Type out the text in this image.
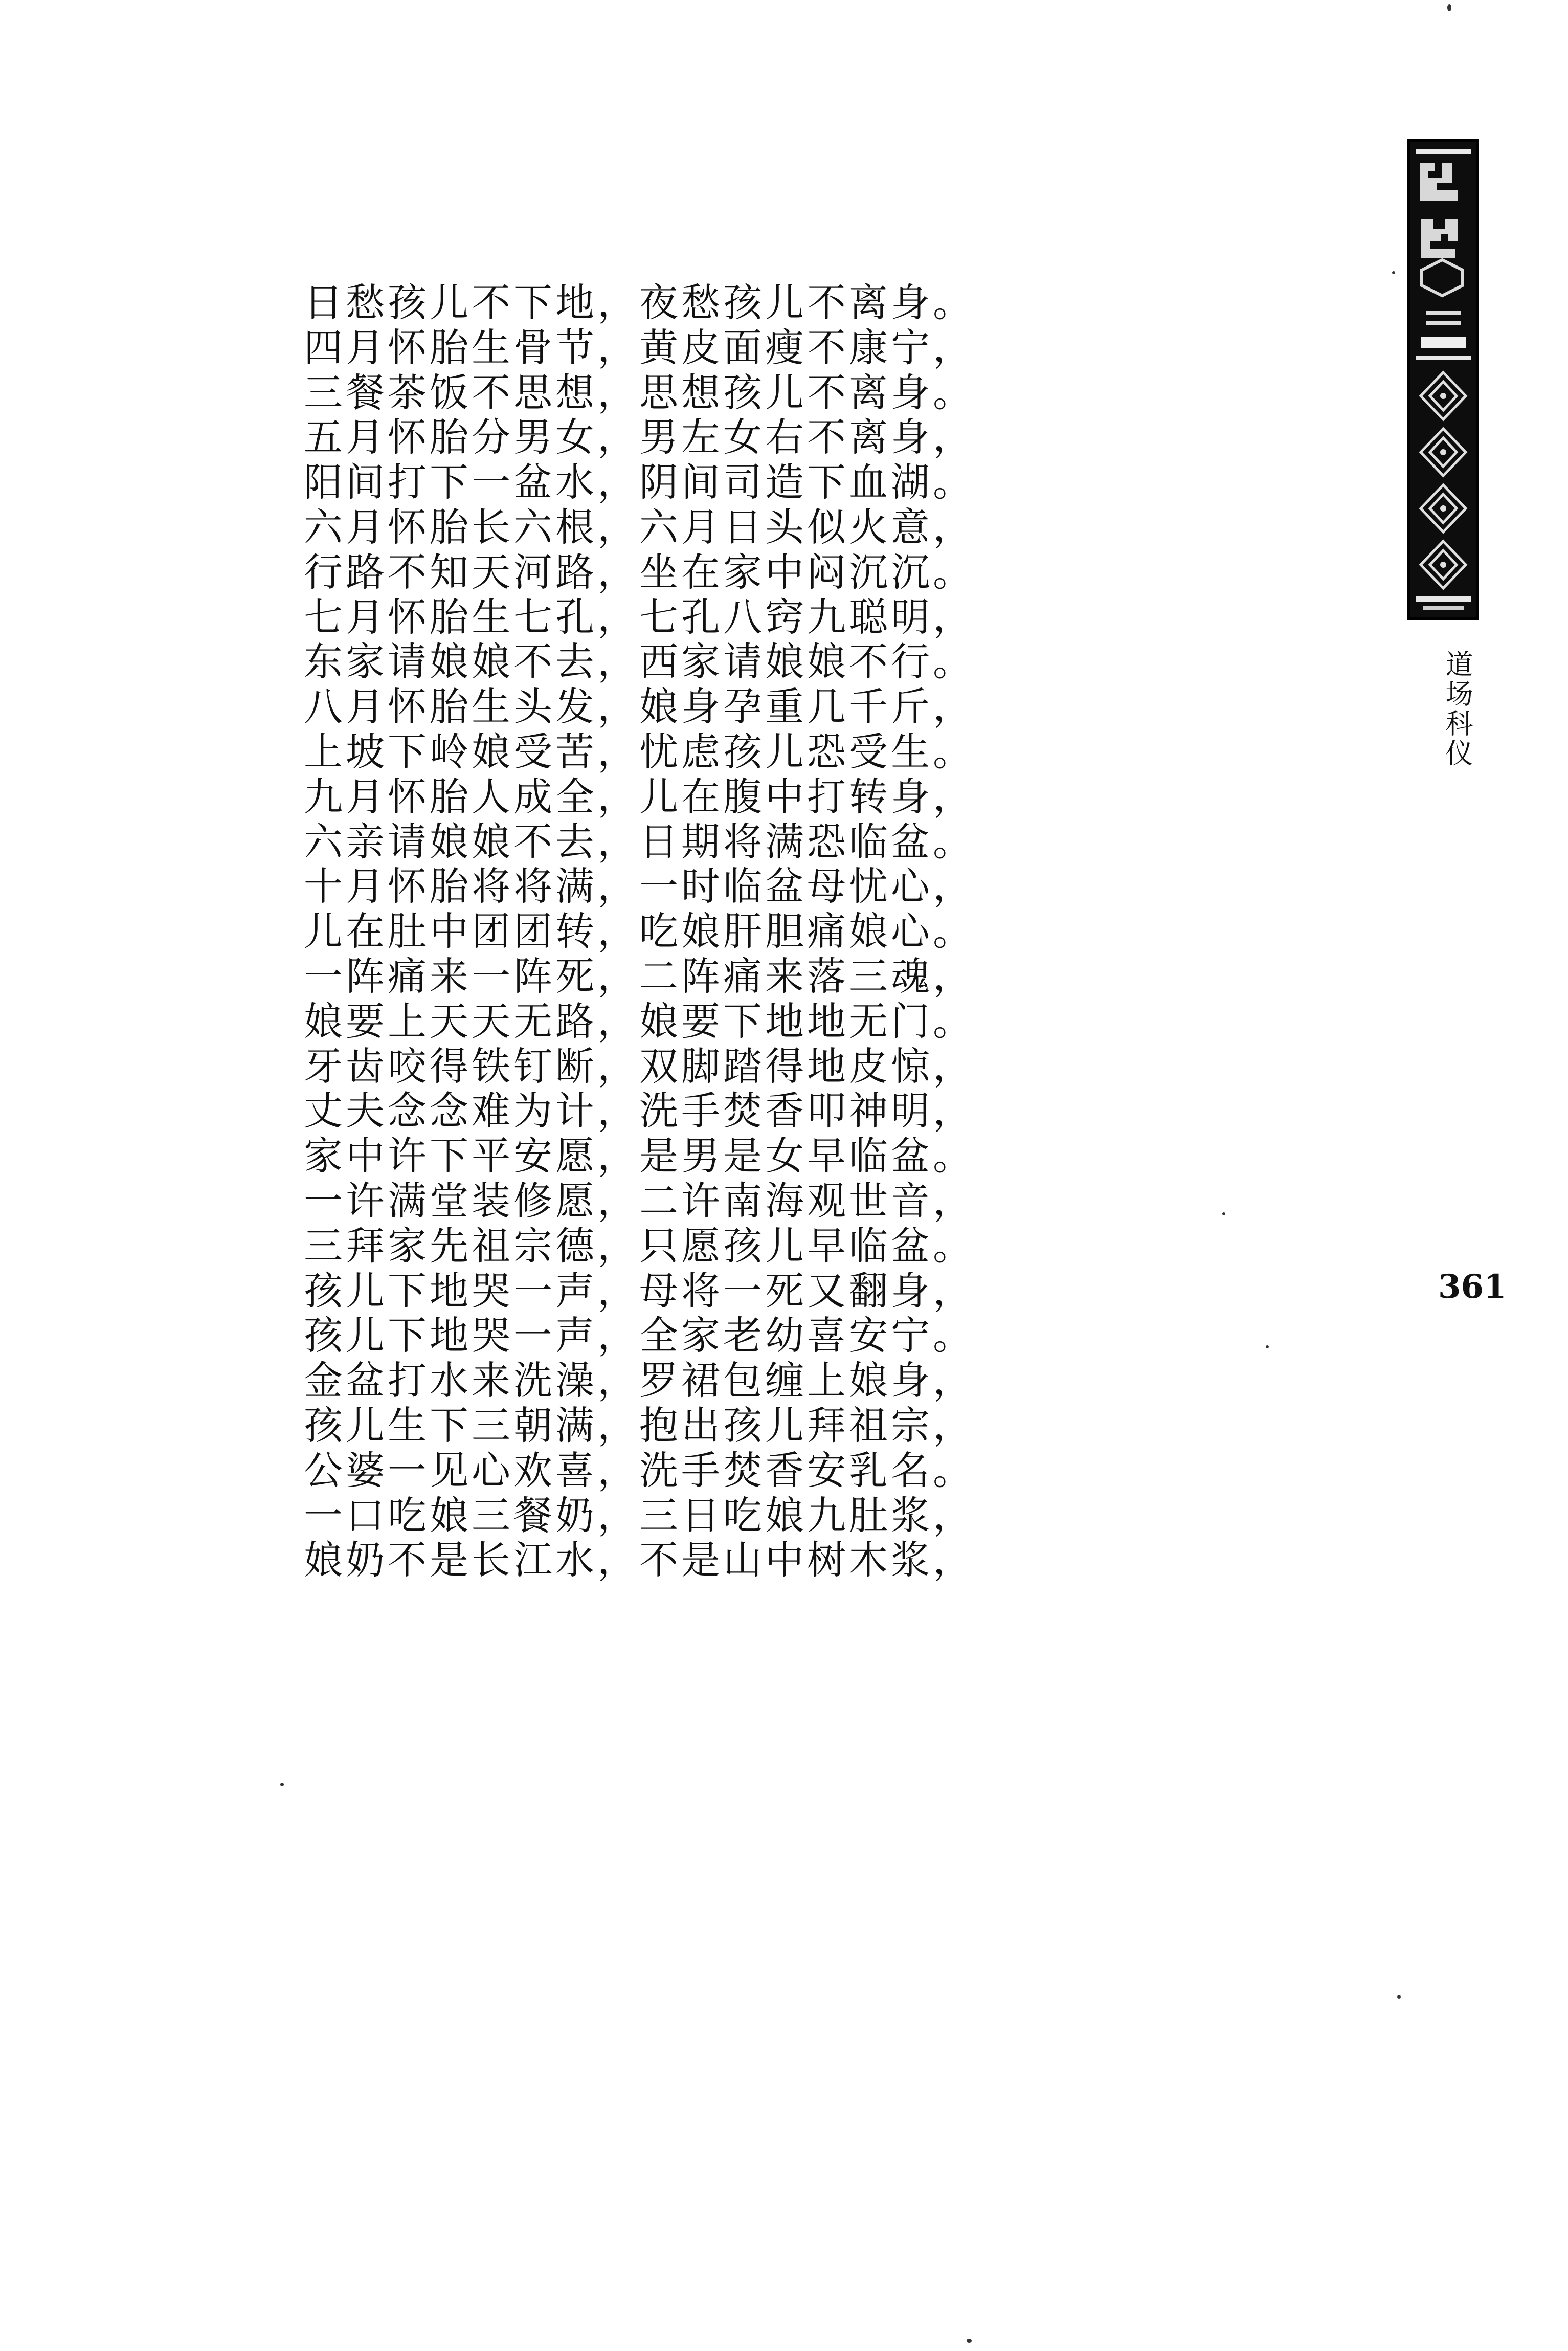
日愁孩儿不下地，夜愁孩儿不离身。
四月怀胎生骨节，黄皮面瘦不康宁，
三餐茶饭不思想，思想孩儿不离身。
五月怀胎分男女，男左女右不离身，
阳间打下一盆水，阴间司造下血湖。
六月怀胎长六根，六月日头似火意，
行路不知天河路，坐在家中闷沉沉。
七月怀胎生七孔，七孔八窍九聪明，
东家请娘娘不去，西家请娘娘不行。
八月怀胎生头发，娘身孕重几千斤，
上坡下岭娘受苦，忧虑孩儿恐受生。
九月怀胎人成全，儿在腹中打转身，
六亲请娘娘不去，日期将满恐临盆。
十月怀胎将将满，一时临盆母忧心，
儿在肚中团团转，吃娘肝胆痛娘心。
一阵痛来一阵死，二阵痛来落三魂，
娘要上天天无路，娘要下地地无门。
牙齿咬得铁钉断，双脚踏得地皮惊，
丈夫念念难为计，洗手焚香叩神明，
家中许下平安愿，是男是女早临盆。
一许满堂装修愿，二许南海观世音，
三拜家先祖宗德，只愿孩儿早临盆。
孩儿下地哭一声，母将一死又翻身，
孩儿下地哭一声，全家老幼喜安宁。
金盆打水来洗澡，罗裙包缠上娘身，
孩儿生下三朝满，抱出孩儿拜祖宗，
公婆一见心欢喜，洗手焚香安乳名。
一口吃娘三餐奶，三日吃娘九肚浆，
娘奶不是长江水，不是山中树木浆，
道场科仪
361
